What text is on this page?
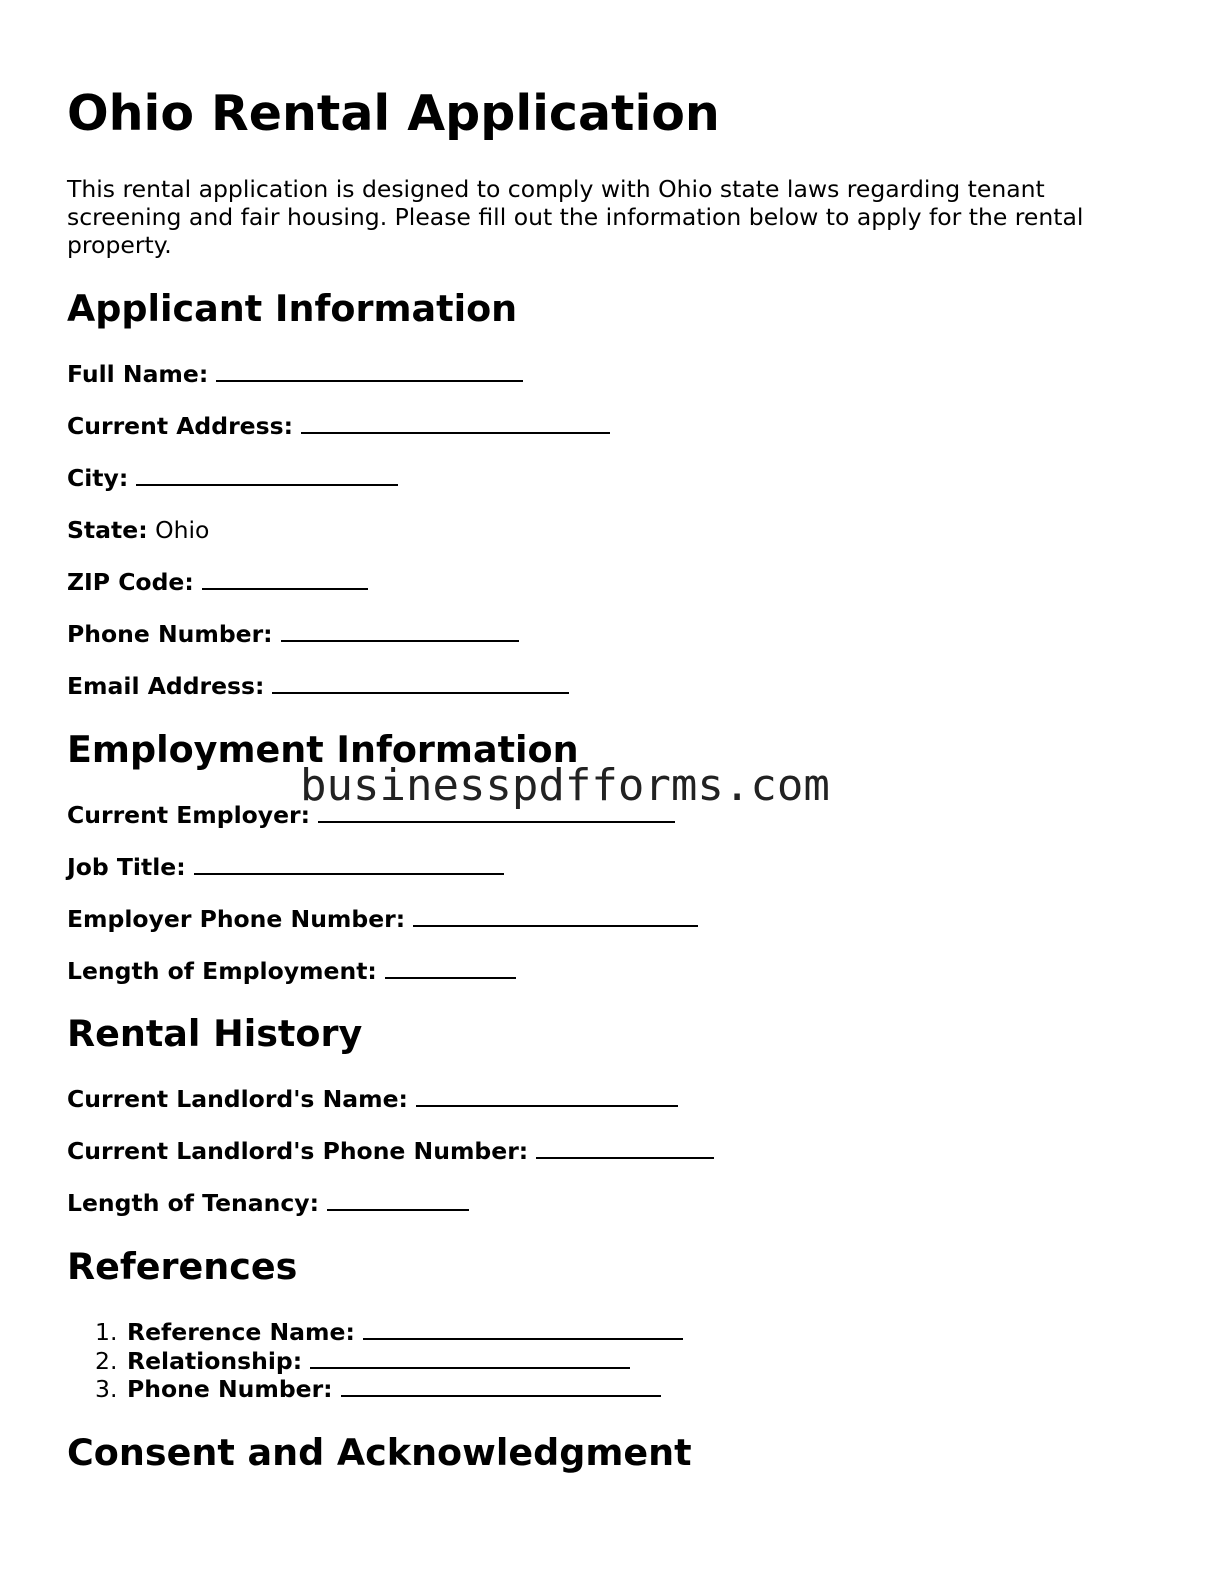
Ohio Rental Application

This rental application is designed to comply with Ohio state laws regarding tenant screening and fair housing. Please fill out the information below to apply for the rental property.

Applicant Information
Full Name:
Current Address:
City:
State: Ohio
ZIP Code:
Phone Number:
Email Address:
Employment Information
Current Employer:
Job Title:
Employer Phone Number:
Length of Employment:
Rental History
Current Landlord's Name:
Current Landlord's Phone Number:
Length of Tenancy:
References
1. Reference Name:
2. Relationship:
3. Phone Number:
Consent and Acknowledgment
businesspdfforms.com
